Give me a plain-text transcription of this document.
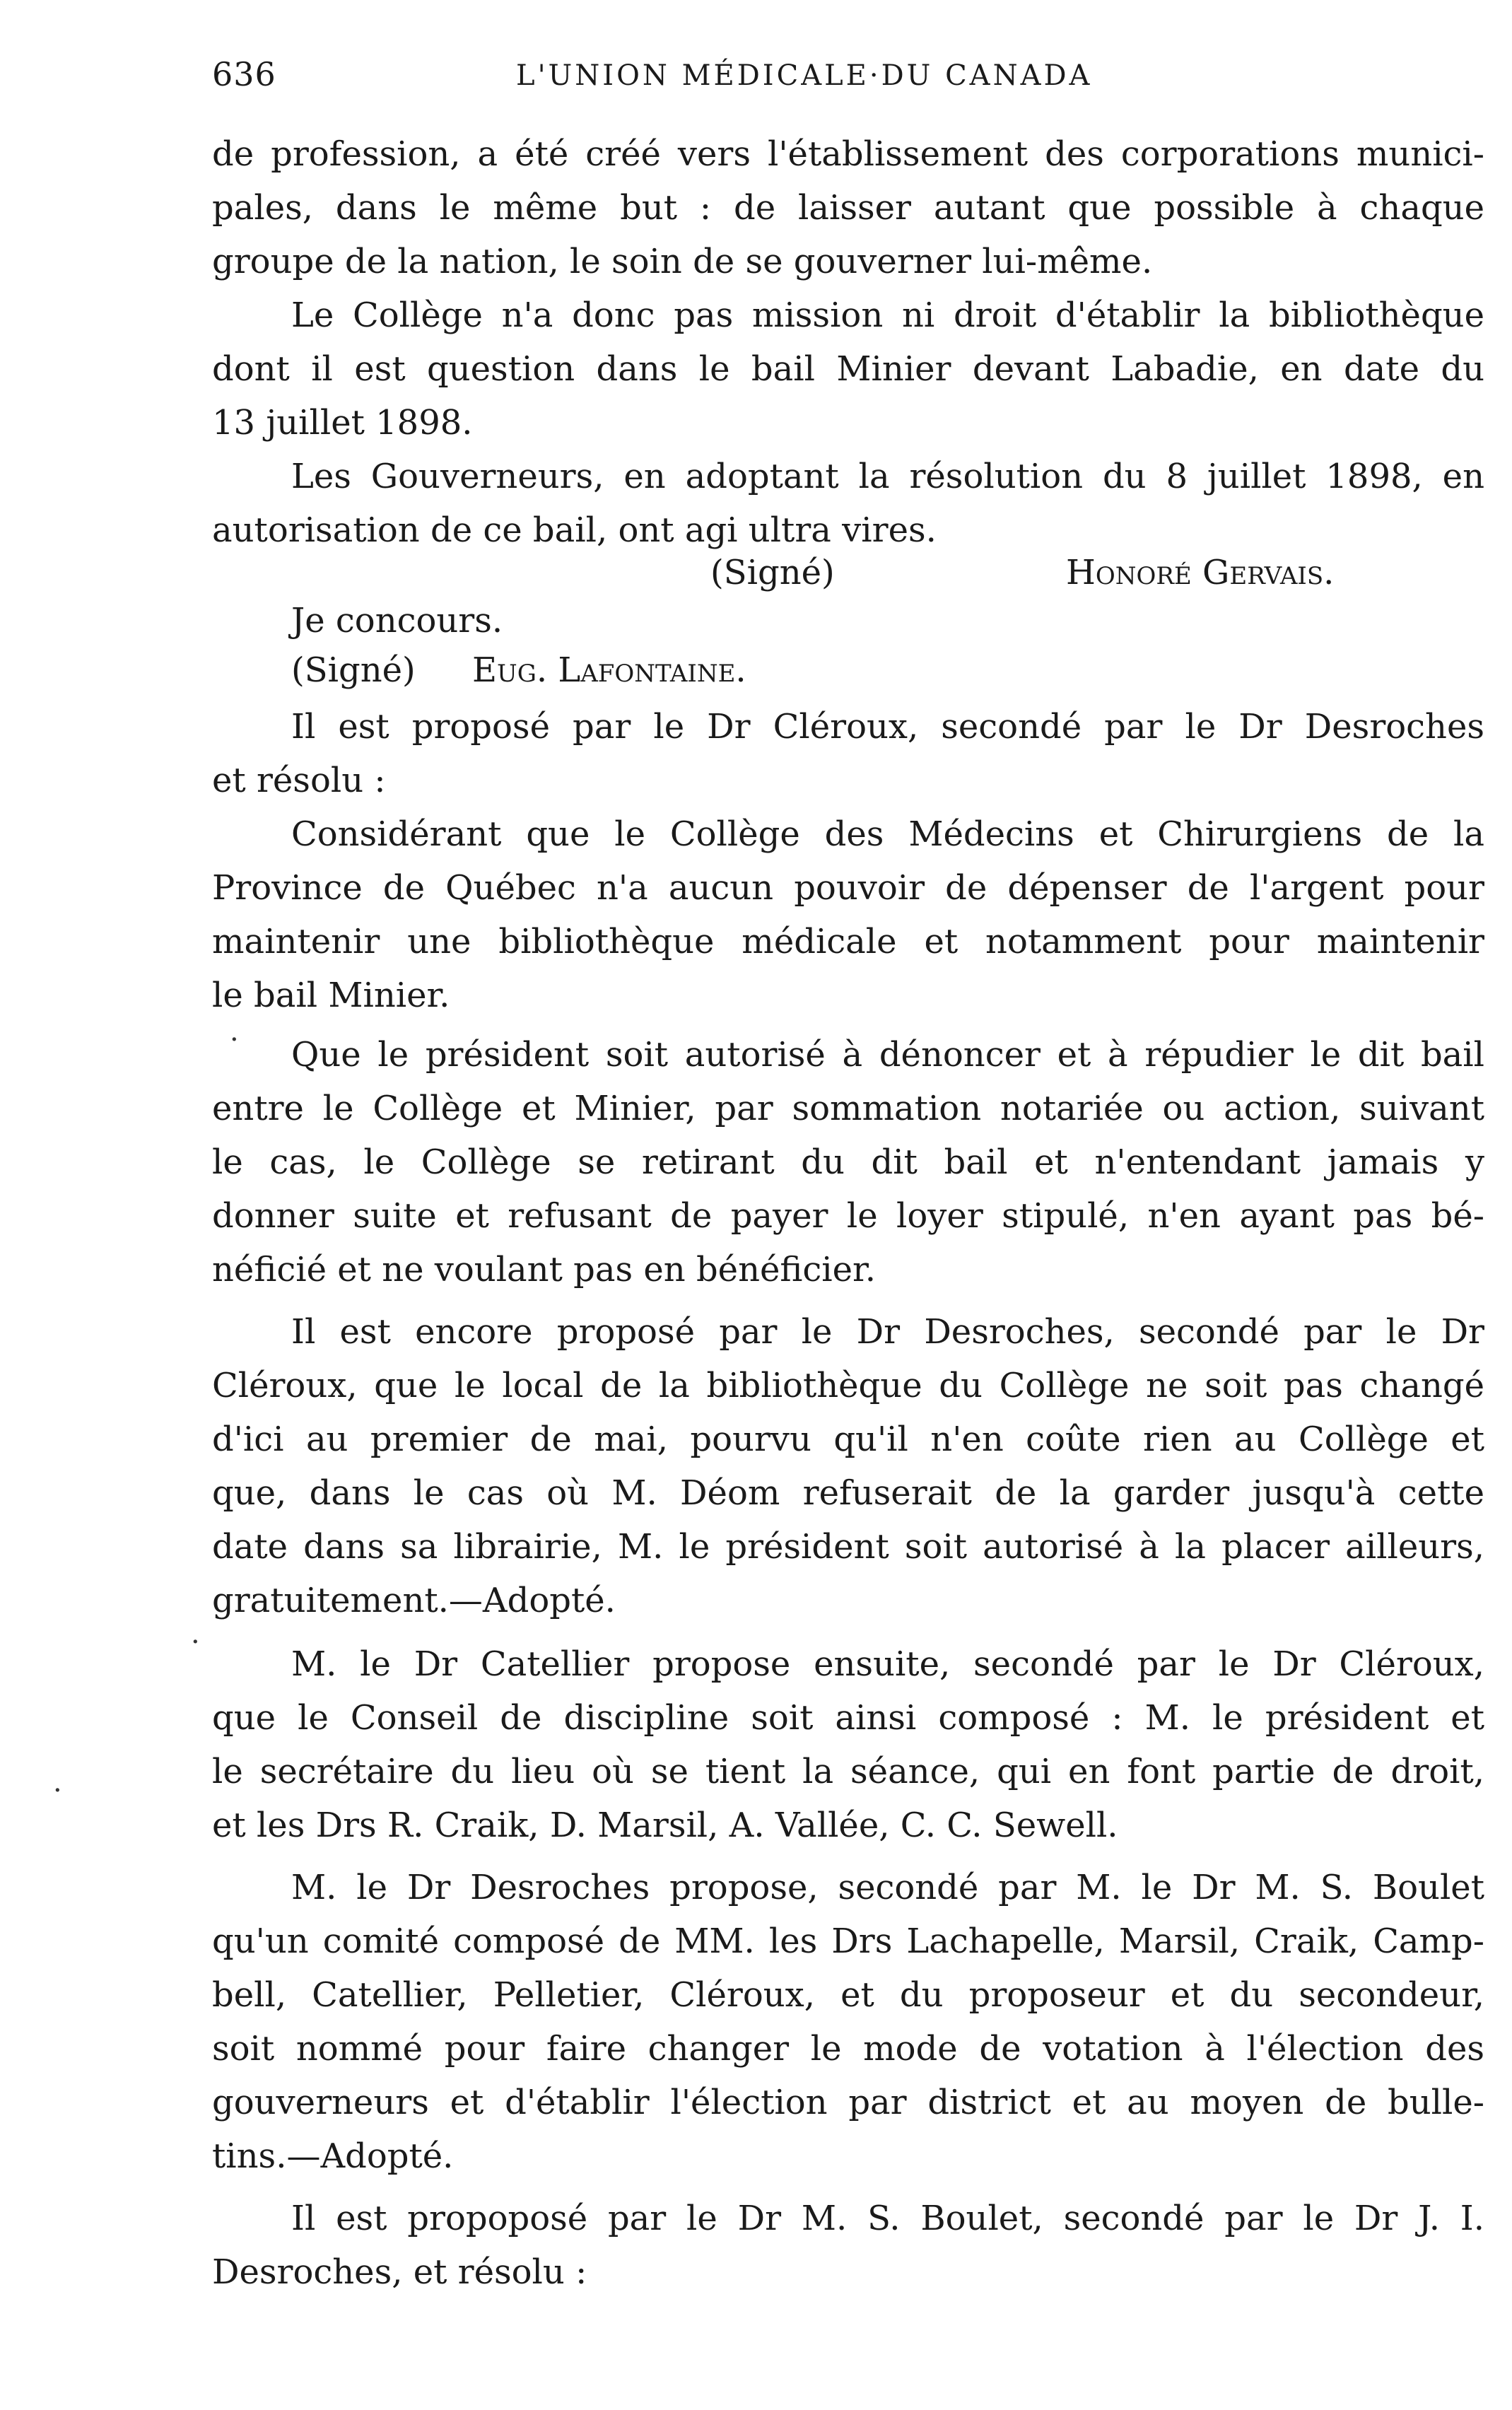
636	L'UNION MÉDICALE·DU CANADA
de profession, a été créé vers l'établissement des corporations munici-
pales, dans le même but : de laisser autant que possible à chaque
groupe de la nation, le soin de se gouverner lui-même.
Le Collège n'a donc pas mission ni droit d'établir la bibliothèque
dont il est question dans le bail Minier devant Labadie, en date du
13 juillet 1898.
Les Gouverneurs, en adoptant la résolution du 8 juillet 1898, en
autorisation de ce bail, ont agi ultra vires.
(Signé)	Honoré Gervais.
Je concours.
(Signé) Eug. Lafontaine.
Il est proposé par le Dr Cléroux, secondé par le Dr Desroches
et résolu :
Considérant que le Collège des Médecins et Chirurgiens de la
Province de Québec n'a aucun pouvoir de dépenser de l'argent pour
maintenir une bibliothèque médicale et notamment pour maintenir
le bail Minier.
Que le président soit autorisé à dénoncer et à répudier le dit bail
entre le Collège et Minier, par sommation notariée ou action, suivant
le cas, le Collège se retirant du dit bail et n'entendant jamais y
donner suite et refusant de payer le loyer stipulé, n'en ayant pas bé-
néficié et ne voulant pas en bénéficier.
Il est encore proposé par le Dr Desroches, secondé par le Dr
Cléroux, que le local de la bibliothèque du Collège ne soit pas changé
d'ici au premier de mai, pourvu qu'il n'en coûte rien au Collège et
que, dans le cas où M. Déom refuserait de la garder jusqu'à cette
date dans sa librairie, M. le président soit autorisé à la placer ailleurs,
gratuitement.—Adopté.
M. le Dr Catellier propose ensuite, secondé par le Dr Cléroux,
que le Conseil de discipline soit ainsi composé : M. le président et
le secrétaire du lieu où se tient la séance, qui en font partie de droit,
et les Drs R. Craik, D. Marsil, A. Vallée, C. C. Sewell.
M. le Dr Desroches propose, secondé par M. le Dr M. S. Boulet
qu'un comité composé de MM. les Drs Lachapelle, Marsil, Craik, Camp-
bell, Catellier, Pelletier, Cléroux, et du proposeur et du secondeur,
soit nommé pour faire changer le mode de votation à l'élection des
gouverneurs et d'établir l'élection par district et au moyen de bulle-
tins.—Adopté.
Il est propoposé par le Dr M. S. Boulet, secondé par le Dr J. I.
Desroches, et résolu :
·
·
·
